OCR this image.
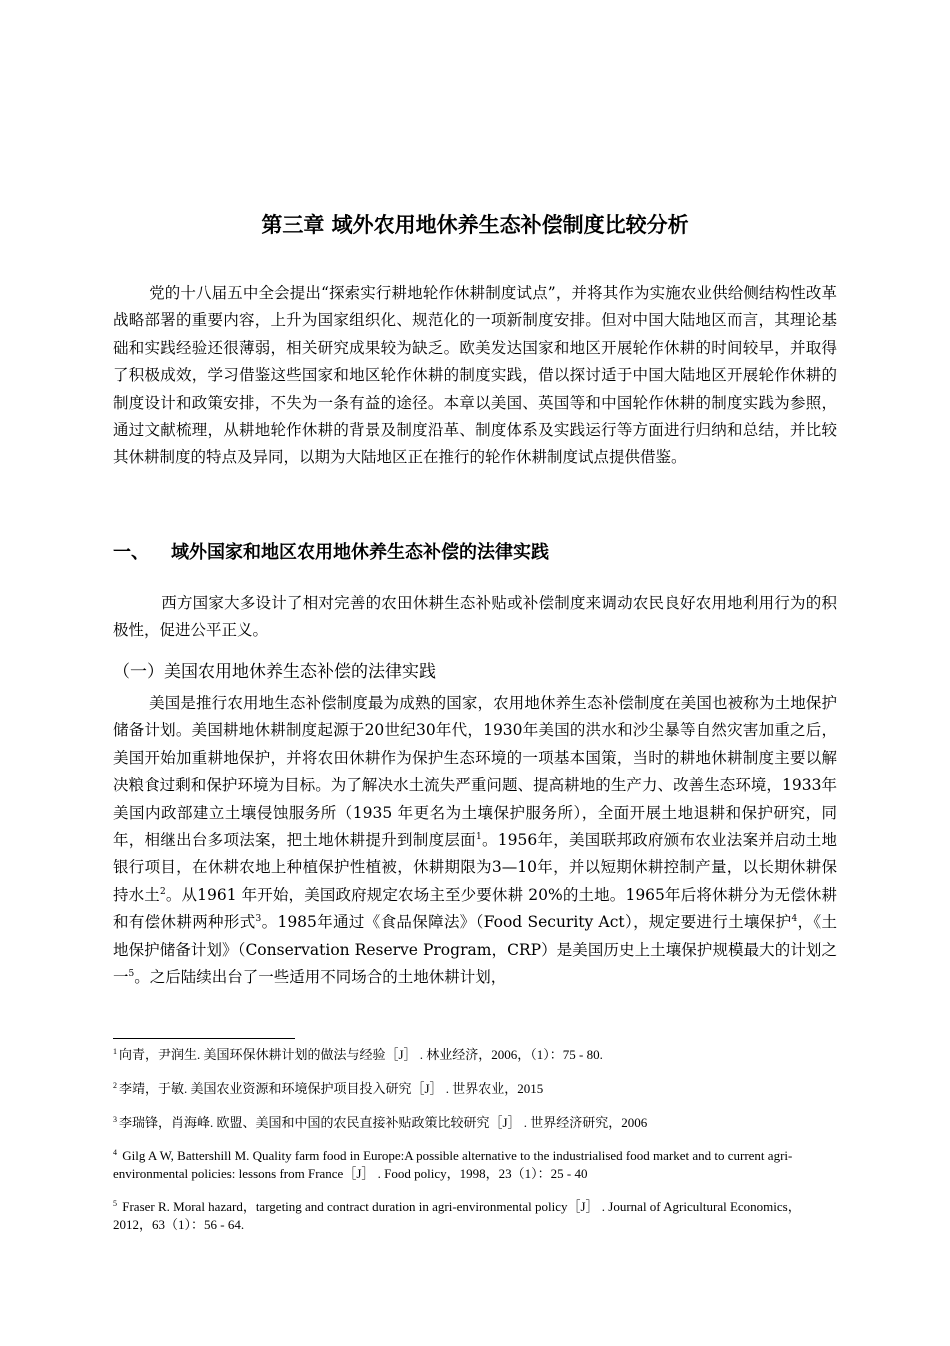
第三章 域外农用地休养生态补偿制度比较分析

党的十八届五中全会提出“探索实行耕地轮作休耕制度试点”，并将其作为实施农业供给侧结构性改革战略部署的重要内容，上升为国家组织化、规范化的一项新制度安排。但对中国大陆地区而言，其理论基础和实践经验还很薄弱，相关研究成果较为缺乏。欧美发达国家和地区开展轮作休耕的时间较早，并取得了积极成效，学习借鉴这些国家和地区轮作休耕的制度实践，借以探讨适于中国大陆地区开展轮作休耕的制度设计和政策安排，不失为一条有益的途径。本章以美国、英国等和中国轮作休耕的制度实践为参照，通过文献梳理，从耕地轮作休耕的背景及制度沿革、制度体系及实践运行等方面进行归纳和总结，并比较其休耕制度的特点及异同，以期为大陆地区正在推行的轮作休耕制度试点提供借鉴。

一、 域外国家和地区农用地休养生态补偿的法律实践

西方国家大多设计了相对完善的农田休耕生态补贴或补偿制度来调动农民良好农用地利用行为的积极性，促进公平正义。

（一）美国农用地休养生态补偿的法律实践

美国是推行农用地生态补偿制度最为成熟的国家，农用地休养生态补偿制度在美国也被称为土地保护储备计划。美国耕地休耕制度起源于20世纪30年代，1930年美国的洪水和沙尘暴等自然灾害加重之后，美国开始加重耕地保护，并将农田休耕作为保护生态环境的一项基本国策，当时的耕地休耕制度主要以解决粮食过剩和保护环境为目标。为了解决水土流失严重问题、提高耕地的生产力、改善生态环境，1933年美国内政部建立土壤侵蚀服务所（1935 年更名为土壤保护服务所），全面开展土地退耕和保护研究，同年，相继出台多项法案，把土地休耕提升到制度层面$^1$。1956年，美国联邦政府颁布农业法案并启动土地银行项目，在休耕农地上种植保护性植被，休耕期限为3—10年，并以短期休耕控制产量，以长期休耕保持水土$^2$。从1961 年开始，美国政府规定农场主至少要休耕 20%的土地。1965年后将休耕分为无偿休耕和有偿休耕两种形式$^3$。1985年通过《食品保障法》（Food Security Act），规定要进行土壤保护$^4$，《土地保护储备计划》（Conservation Reserve Program，CRP）是美国历史上土壤保护规模最大的计划之一$^5$。之后陆续出台了一些适用不同场合的土地休耕计划，

$^1$ 向青，尹润生. 美国环保休耕计划的做法与经验［J］ . 林业经济，2006，（1）：75 - 80.

$^2$ 李靖，于敏. 美国农业资源和环境保护项目投入研究［J］ . 世界农业，2015

$^3$ 李瑞锋，肖海峰. 欧盟、美国和中国的农民直接补贴政策比较研究［J］ . 世界经济研究，2006

$^4$ Gilg A W, Battershill M. Quality farm food in Europe:A possible alternative to the industrialised food market and to current agri-environmental policies: lessons from France［J］ . Food policy，1998，23（1）：25 - 40

$^5$ Fraser R. Moral hazard，targeting and contract duration in agri-environmental policy［J］ . Journal of Agricultural Economics，2012，63（1）：56 - 64.
